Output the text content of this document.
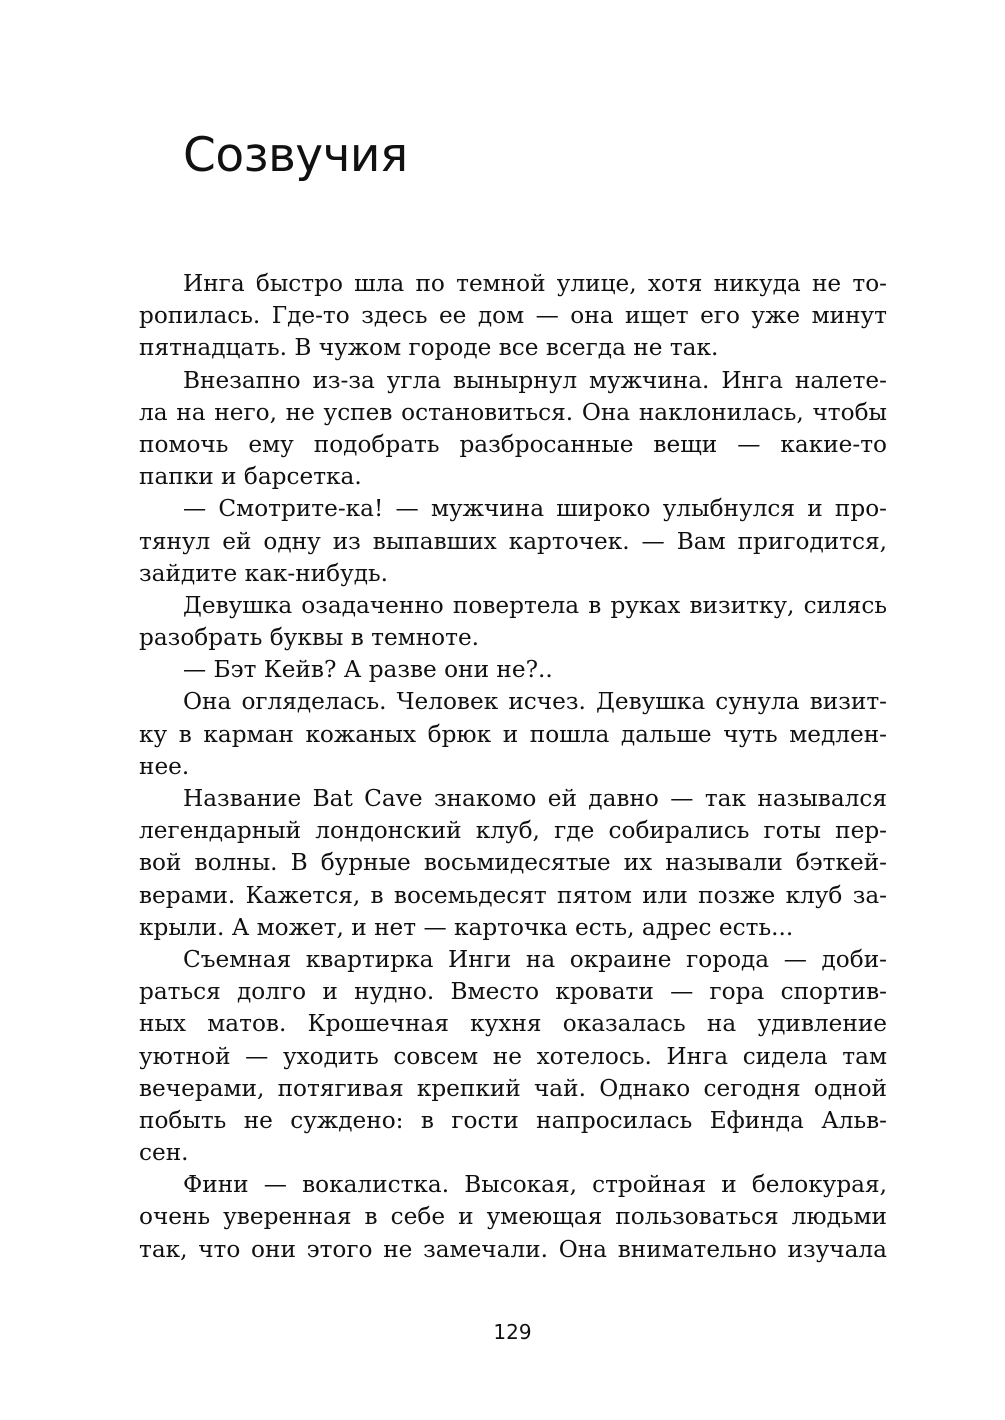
Созвучия
Инга быстро шла по темной улице, хотя никуда не то-
ропилась. Где-то здесь ее дом — она ищет его уже минут
пятнадцать. В чужом городе все всегда не так.
Внезапно из-за угла вынырнул мужчина. Инга налете-
ла на него, не успев остановиться. Она наклонилась, чтобы
помочь ему подобрать разбросанные вещи — какие-то
папки и барсетка.
— Смотрите-ка! — мужчина широко улыбнулся и про-
тянул ей одну из выпавших карточек. — Вам пригодится,
зайдите как-нибудь.
Девушка озадаченно повертела в руках визитку, силясь
разобрать буквы в темноте.
— Бэт Кейв? А разве они не?..
Она огляделась. Человек исчез. Девушка сунула визит-
ку в карман кожаных брюк и пошла дальше чуть медлен-
нее.
Название Bat Cave знакомо ей давно — так назывался
легендарный лондонский клуб, где собирались готы пер-
вой волны. В бурные восьмидесятые их называли бэткей-
верами. Кажется, в восемьдесят пятом или позже клуб за-
крыли. А может, и нет — карточка есть, адрес есть...
Съемная квартирка Инги на окраине города — доби-
раться долго и нудно. Вместо кровати — гора спортив-
ных матов. Крошечная кухня оказалась на удивление
уютной — уходить совсем не хотелось. Инга сидела там
вечерами, потягивая крепкий чай. Однако сегодня одной
побыть не суждено: в гости напросилась Ефинда Альв-
сен.
Фини — вокалистка. Высокая, стройная и белокурая,
очень уверенная в себе и умеющая пользоваться людьми
так, что они этого не замечали. Она внимательно изучала
129
